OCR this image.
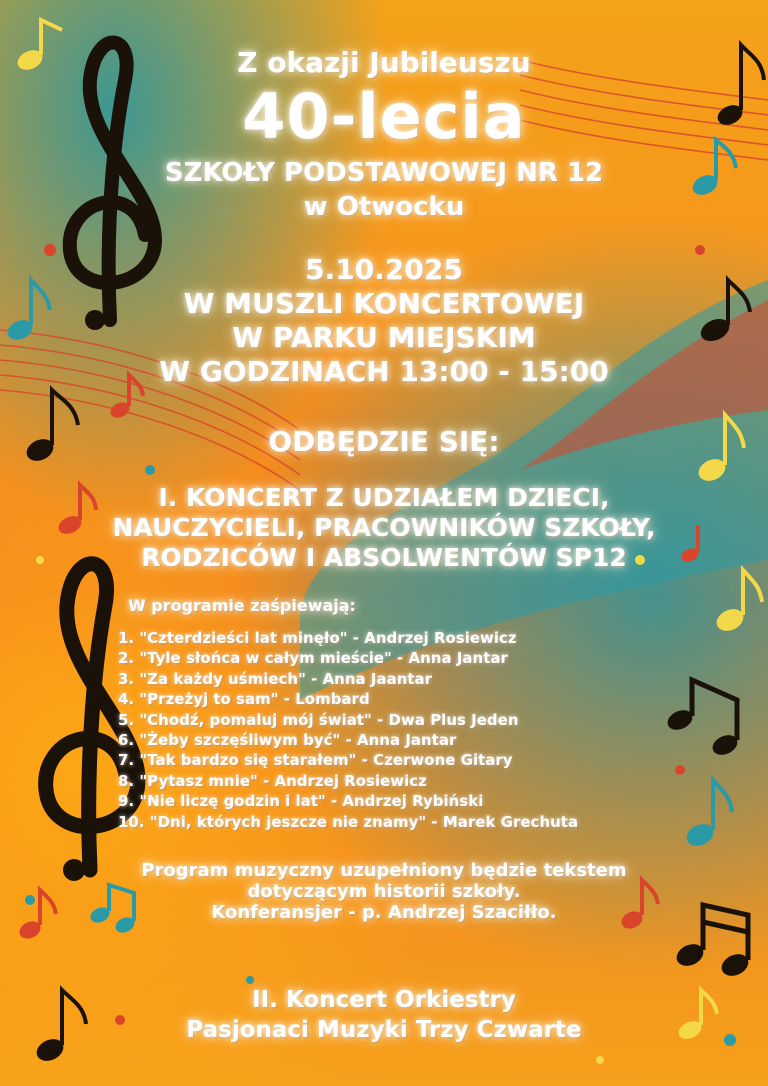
Z okazji Jubileuszu
40-lecia
SZKOŁY PODSTAWOWEJ NR 12
w Otwocku
5.10.2025
W MUSZLI KONCERTOWEJ
W PARKU MIEJSKIM
W GODZINACH 13:00 - 15:00
ODBĘDZIE SIĘ:
I. KONCERT Z UDZIAŁEM DZIECI,
NAUCZYCIELI, PRACOWNIKÓW SZKOŁY,
RODZICÓW I ABSOLWENTÓW SP12
W programie zaśpiewają:
1. "Czterdzieści lat minęło" - Andrzej Rosiewicz
2. "Tyle słońca w całym mieście" - Anna Jantar
3. "Za każdy uśmiech" - Anna Jaantar
4. "Przeżyj to sam" - Lombard
5. "Chodź, pomaluj mój świat" - Dwa Plus Jeden
6. "Żeby szczęśliwym być" - Anna Jantar
7. "Tak bardzo się starałem" - Czerwone Gitary
8. "Pytasz mnie" - Andrzej Rosiewicz
9. "Nie liczę godzin i lat" - Andrzej Rybiński
10. "Dni, których jeszcze nie znamy" - Marek Grechuta
Program muzyczny uzupełniony będzie tekstem
dotyczącym historii szkoły.
Konferansjer - p. Andrzej Szaciłło.
II. Koncert Orkiestry
Pasjonaci Muzyki Trzy Czwarte
